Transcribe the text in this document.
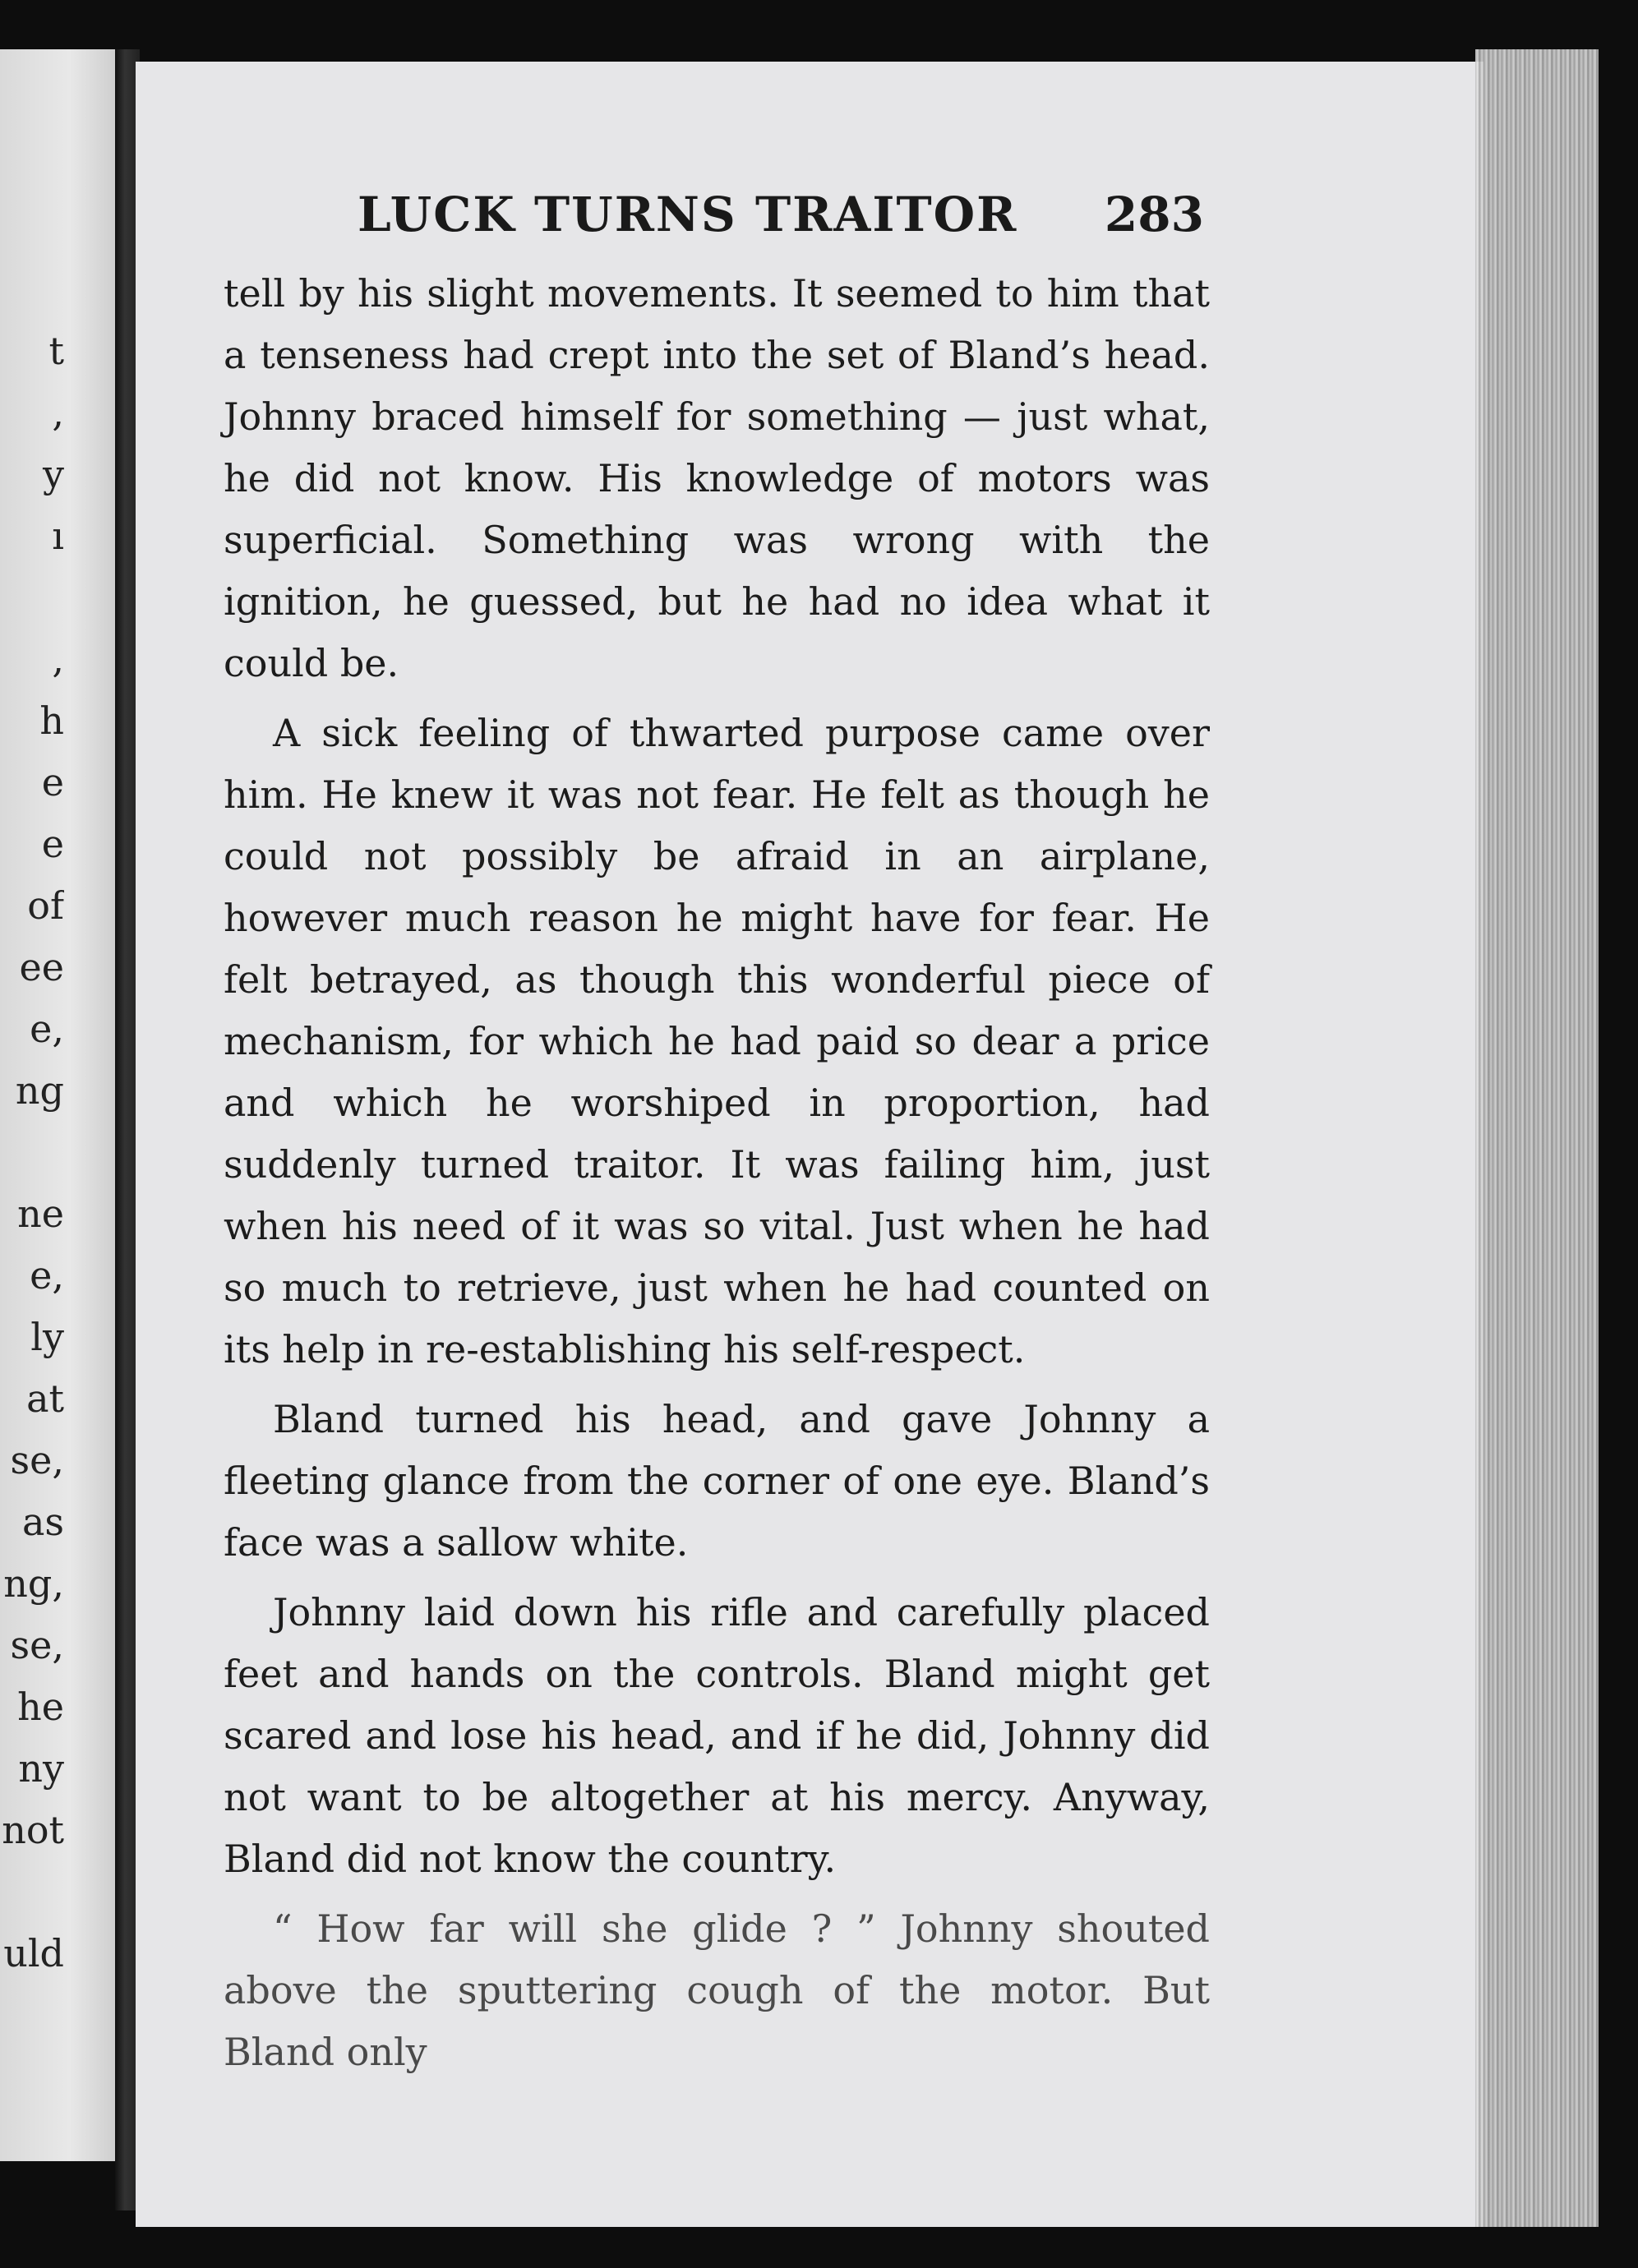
t
,
y
ı
,
h
e
e
of
ee
e,
ng
ne
e,
ly
at
se,
as
ng,
se,
he
ny
not
uld
LUCK TURNS TRAITOR 283

tell by his slight movements. It seemed to him that a tenseness had crept into the set of Bland’s head. Johnny braced himself for something — just what, he did not know. His knowledge of motors was superficial. Something was wrong with the ignition, he guessed, but he had no idea what it could be.

A sick feeling of thwarted purpose came over him. He knew it was not fear. He felt as though he could not possibly be afraid in an airplane, however much reason he might have for fear. He felt betrayed, as though this wonderful piece of mechanism, for which he had paid so dear a price and which he worshiped in proportion, had suddenly turned traitor. It was failing him, just when his need of it was so vital. Just when he had so much to retrieve, just when he had counted on its help in re-establishing his self-respect.

Bland turned his head, and gave Johnny a fleeting glance from the corner of one eye. Bland’s face was a sallow white.

Johnny laid down his rifle and carefully placed feet and hands on the controls. Bland might get scared and lose his head, and if he did, Johnny did not want to be altogether at his mercy. Anyway, Bland did not know the country.

“ How far will she glide ? ” Johnny shouted above the sputtering cough of the motor. But Bland only
